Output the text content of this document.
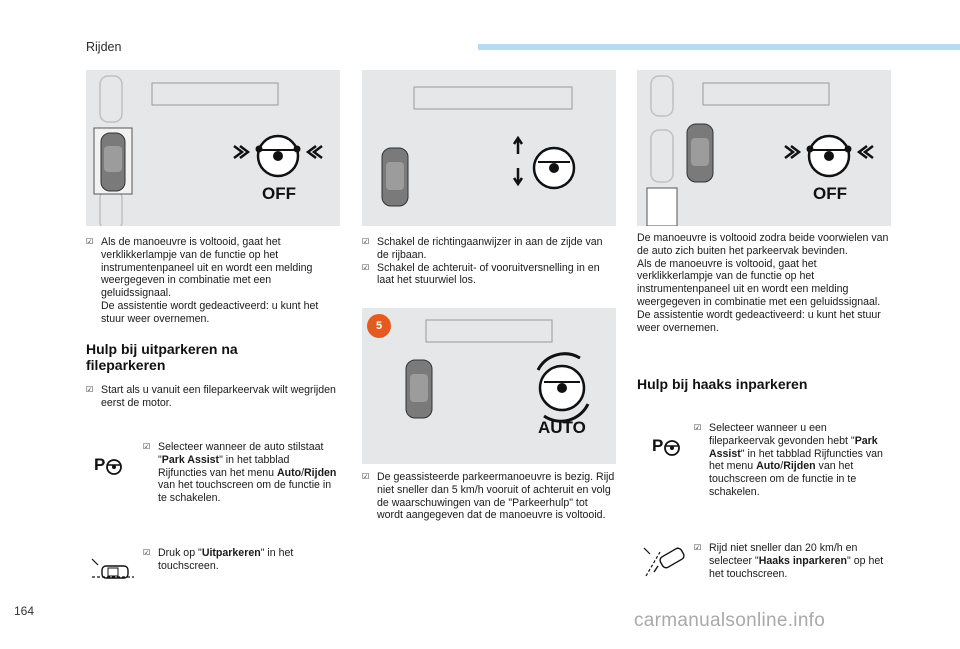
Rijden
OFF	OFF
5
AUTO
☑ Als de manoeuvre is voltooid, gaat het verklikkerlampje van de functie op het instrumentenpaneel uit en wordt een melding weergegeven in combinatie met een geluidssignaal.
De assistentie wordt gedeactiveerd: u kunt het stuur weer overnemen.
Hulp bij uitparkeren na fileparkeren
☑ Start als u vanuit een fileparkeervak wilt wegrijden eerst de motor.
P
☑ Selecteer wanneer de auto stilstaat "Park Assist" in het tabblad Rijfuncties van het menu Auto/Rijden van het touchscreen om de functie in te schakelen.
☑ Druk op "Uitparkeren" in het touchscreen.
☑ Schakel de richtingaanwijzer in aan de zijde van de rijbaan.
☑ Schakel de achteruit- of vooruitversnelling in en laat het stuurwiel los.
☑ De geassisteerde parkeermanoeuvre is bezig. Rijd niet sneller dan 5 km/h vooruit of achteruit en volg de waarschuwingen van de "Parkeerhulp" tot wordt aangegeven dat de manoeuvre is voltooid.
De manoeuvre is voltooid zodra beide voorwielen van de auto zich buiten het parkeervak bevinden.
Als de manoeuvre is voltooid, gaat het verklikkerlampje van de functie op het instrumentenpaneel uit en wordt een melding weergegeven in combinatie met een geluidssignaal.
De assistentie wordt gedeactiveerd: u kunt het stuur weer overnemen.
Hulp bij haaks inparkeren
P
☑ Selecteer wanneer u een fileparkeervak gevonden hebt "Park Assist" in het tabblad Rijfuncties van het menu Auto/Rijden van het touchscreen om de functie in te schakelen.
☑ Rijd niet sneller dan 20 km/h en selecteer "Haaks inparkeren" op het het touchscreen.
164	carmanualsonline.info
